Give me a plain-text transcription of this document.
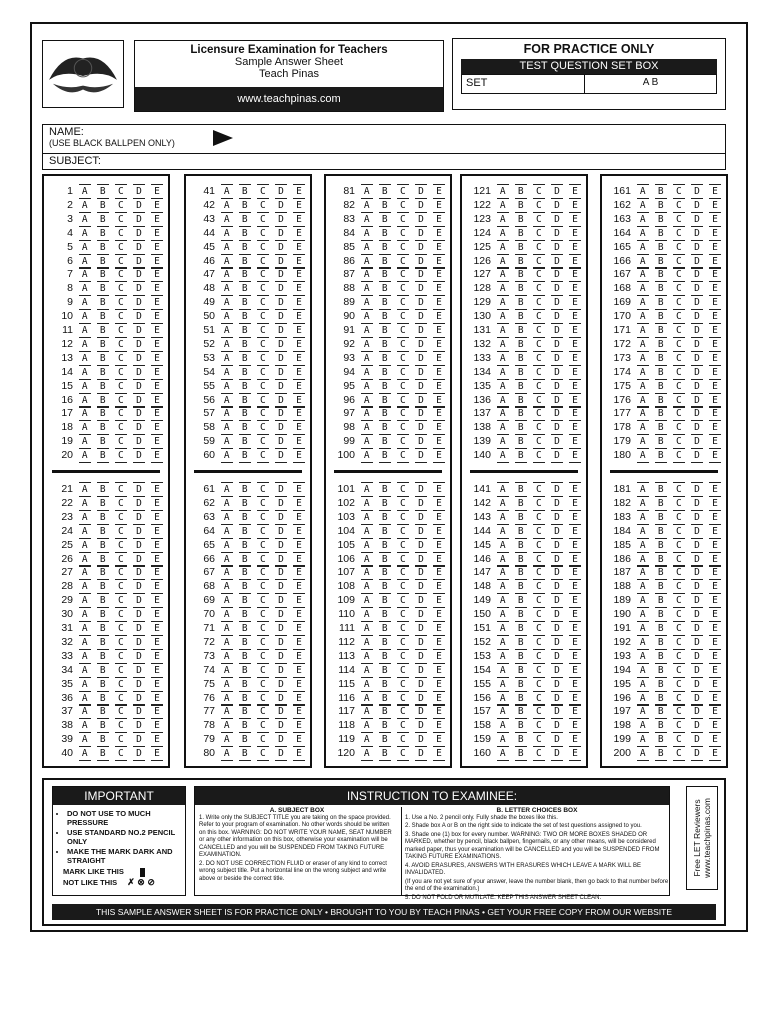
Licensure Examination for Teachers
Sample Answer Sheet
Teach Pinas
www.teachpinas.com
FOR PRACTICE ONLY
TEST QUESTION SET BOX
SET	A B
NAME:
(USE BLACK BALLPEN ONLY)
SUBJECT:
1 A	B	C	D	E
2 A	B	C	D	E
3 A	B	C	D	E
4 A	B	C	D	E
5 A	B	C	D	E
6 A	B	C	D	E
7 A	B	C	D	E
8 A	B	C	D	E
9 A	B	C	D	E
10 A	B	C	D	E
11 A	B	C	D	E
12 A	B	C	D	E
13 A	B	C	D	E
14 A	B	C	D	E
15 A	B	C	D	E
16 A	B	C	D	E
17 A	B	C	D	E
18 A	B	C	D	E
19 A	B	C	D	E
20 A	B	C	D	E
21 A	B	C	D	E
22 A	B	C	D	E
23 A	B	C	D	E
24 A	B	C	D	E
25 A	B	C	D	E
26 A	B	C	D	E
27 A	B	C	D	E
28 A	B	C	D	E
29 A	B	C	D	E
30 A	B	C	D	E
31 A	B	C	D	E
32 A	B	C	D	E
33 A	B	C	D	E
34 A	B	C	D	E
35 A	B	C	D	E
36 A	B	C	D	E
37 A	B	C	D	E
38 A	B	C	D	E
39 A	B	C	D	E
40 A	B	C	D	E
41 A	B	C	D	E
42 A	B	C	D	E
43 A	B	C	D	E
44 A	B	C	D	E
45 A	B	C	D	E
46 A	B	C	D	E
47 A	B	C	D	E
48 A	B	C	D	E
49 A	B	C	D	E
50 A	B	C	D	E
51 A	B	C	D	E
52 A	B	C	D	E
53 A	B	C	D	E
54 A	B	C	D	E
55 A	B	C	D	E
56 A	B	C	D	E
57 A	B	C	D	E
58 A	B	C	D	E
59 A	B	C	D	E
60 A	B	C	D	E
61 A	B	C	D	E
62 A	B	C	D	E
63 A	B	C	D	E
64 A	B	C	D	E
65 A	B	C	D	E
66 A	B	C	D	E
67 A	B	C	D	E
68 A	B	C	D	E
69 A	B	C	D	E
70 A	B	C	D	E
71 A	B	C	D	E
72 A	B	C	D	E
73 A	B	C	D	E
74 A	B	C	D	E
75 A	B	C	D	E
76 A	B	C	D	E
77 A	B	C	D	E
78 A	B	C	D	E
79 A	B	C	D	E
80 A	B	C	D	E
81 A	B	C	D	E
82 A	B	C	D	E
83 A	B	C	D	E
84 A	B	C	D	E
85 A	B	C	D	E
86 A	B	C	D	E
87 A	B	C	D	E
88 A	B	C	D	E
89 A	B	C	D	E
90 A	B	C	D	E
91 A	B	C	D	E
92 A	B	C	D	E
93 A	B	C	D	E
94 A	B	C	D	E
95 A	B	C	D	E
96 A	B	C	D	E
97 A	B	C	D	E
98 A	B	C	D	E
99 A	B	C	D	E
100 A	B	C	D	E
101 A	B	C	D	E
102 A	B	C	D	E
103 A	B	C	D	E
104 A	B	C	D	E
105 A	B	C	D	E
106 A	B	C	D	E
107 A	B	C	D	E
108 A	B	C	D	E
109 A	B	C	D	E
110 A	B	C	D	E
111 A	B	C	D	E
112 A	B	C	D	E
113 A	B	C	D	E
114 A	B	C	D	E
115 A	B	C	D	E
116 A	B	C	D	E
117 A	B	C	D	E
118 A	B	C	D	E
119 A	B	C	D	E
120 A	B	C	D	E
121 A	B	C	D	E
122 A	B	C	D	E
123 A	B	C	D	E
124 A	B	C	D	E
125 A	B	C	D	E
126 A	B	C	D	E
127 A	B	C	D	E
128 A	B	C	D	E
129 A	B	C	D	E
130 A	B	C	D	E
131 A	B	C	D	E
132 A	B	C	D	E
133 A	B	C	D	E
134 A	B	C	D	E
135 A	B	C	D	E
136 A	B	C	D	E
137 A	B	C	D	E
138 A	B	C	D	E
139 A	B	C	D	E
140 A	B	C	D	E
141 A	B	C	D	E
142 A	B	C	D	E
143 A	B	C	D	E
144 A	B	C	D	E
145 A	B	C	D	E
146 A	B	C	D	E
147 A	B	C	D	E
148 A	B	C	D	E
149 A	B	C	D	E
150 A	B	C	D	E
151 A	B	C	D	E
152 A	B	C	D	E
153 A	B	C	D	E
154 A	B	C	D	E
155 A	B	C	D	E
156 A	B	C	D	E
157 A	B	C	D	E
158 A	B	C	D	E
159 A	B	C	D	E
160 A	B	C	D	E
161 A	B	C	D	E
162 A	B	C	D	E
163 A	B	C	D	E
164 A	B	C	D	E
165 A	B	C	D	E
166 A	B	C	D	E
167 A	B	C	D	E
168 A	B	C	D	E
169 A	B	C	D	E
170 A	B	C	D	E
171 A	B	C	D	E
172 A	B	C	D	E
173 A	B	C	D	E
174 A	B	C	D	E
175 A	B	C	D	E
176 A	B	C	D	E
177 A	B	C	D	E
178 A	B	C	D	E
179 A	B	C	D	E
180 A	B	C	D	E
181 A	B	C	D	E
182 A	B	C	D	E
183 A	B	C	D	E
184 A	B	C	D	E
185 A	B	C	D	E
186 A	B	C	D	E
187 A	B	C	D	E
188 A	B	C	D	E
189 A	B	C	D	E
190 A	B	C	D	E
191 A	B	C	D	E
192 A	B	C	D	E
193 A	B	C	D	E
194 A	B	C	D	E
195 A	B	C	D	E
196 A	B	C	D	E
197 A	B	C	D	E
198 A	B	C	D	E
199 A	B	C	D	E
200 A	B	C	D	E
IMPORTANT
• DO NOT USE TO MUCH PRESSURE
• USE STANDARD NO.2 PENCIL ONLY
• MAKE THE MARK DARK AND STRAIGHT
MARK LIKE THIS
NOT LIKE THIS ✗ ⊗ ⊘
INSTRUCTION TO EXAMINEE:
A. SUBJECT BOX

1. Write only the SUBJECT TITLE you are taking on the space provided. Refer to your program of examination. No other words should be written on this box. WARNING: DO NOT WRITE YOUR NAME, SEAT NUMBER or any other information on this box, otherwise your examination will be CANCELLED and you will be SUSPENDED FROM TAKING FUTURE EXAMINATION.

2. DO NOT USE CORRECTION FLUID or eraser of any kind to correct wrong subject title. Put a horizontal line on the wrong subject and write above or beside the correct title.

B. LETTER CHOICES BOX

1. Use a No. 2 pencil only. Fully shade the boxes like this.

2. Shade box A or B on the right side to indicate the set of test questions assigned to you.

3. Shade one (1) box for every number. WARNING: TWO OR MORE BOXES SHADED OR MARKED, whether by pencil, black ballpen, fingernails, or any other means, will be considered marked paper, thus your examination will be CANCELLED and you will be SUSPENDED FROM TAKING FUTURE EXAMINATIONS.

4. AVOID ERASURES, ANSWERS WITH ERASURES WHICH LEAVE A MARK WILL BE INVALIDATED.

(If you are not yet sure of your answer, leave the number blank, then go back to that number before the end of the examination.)

5. DO NOT FOLD OR MUTILATE. KEEP THIS ANSWER SHEET CLEAN.

Free LET Reviewers www.teachpinas.com
THIS SAMPLE ANSWER SHEET IS FOR PRACTICE ONLY • BROUGHT TO YOU BY TEACH PINAS • GET YOUR FREE COPY FROM OUR WEBSITE
